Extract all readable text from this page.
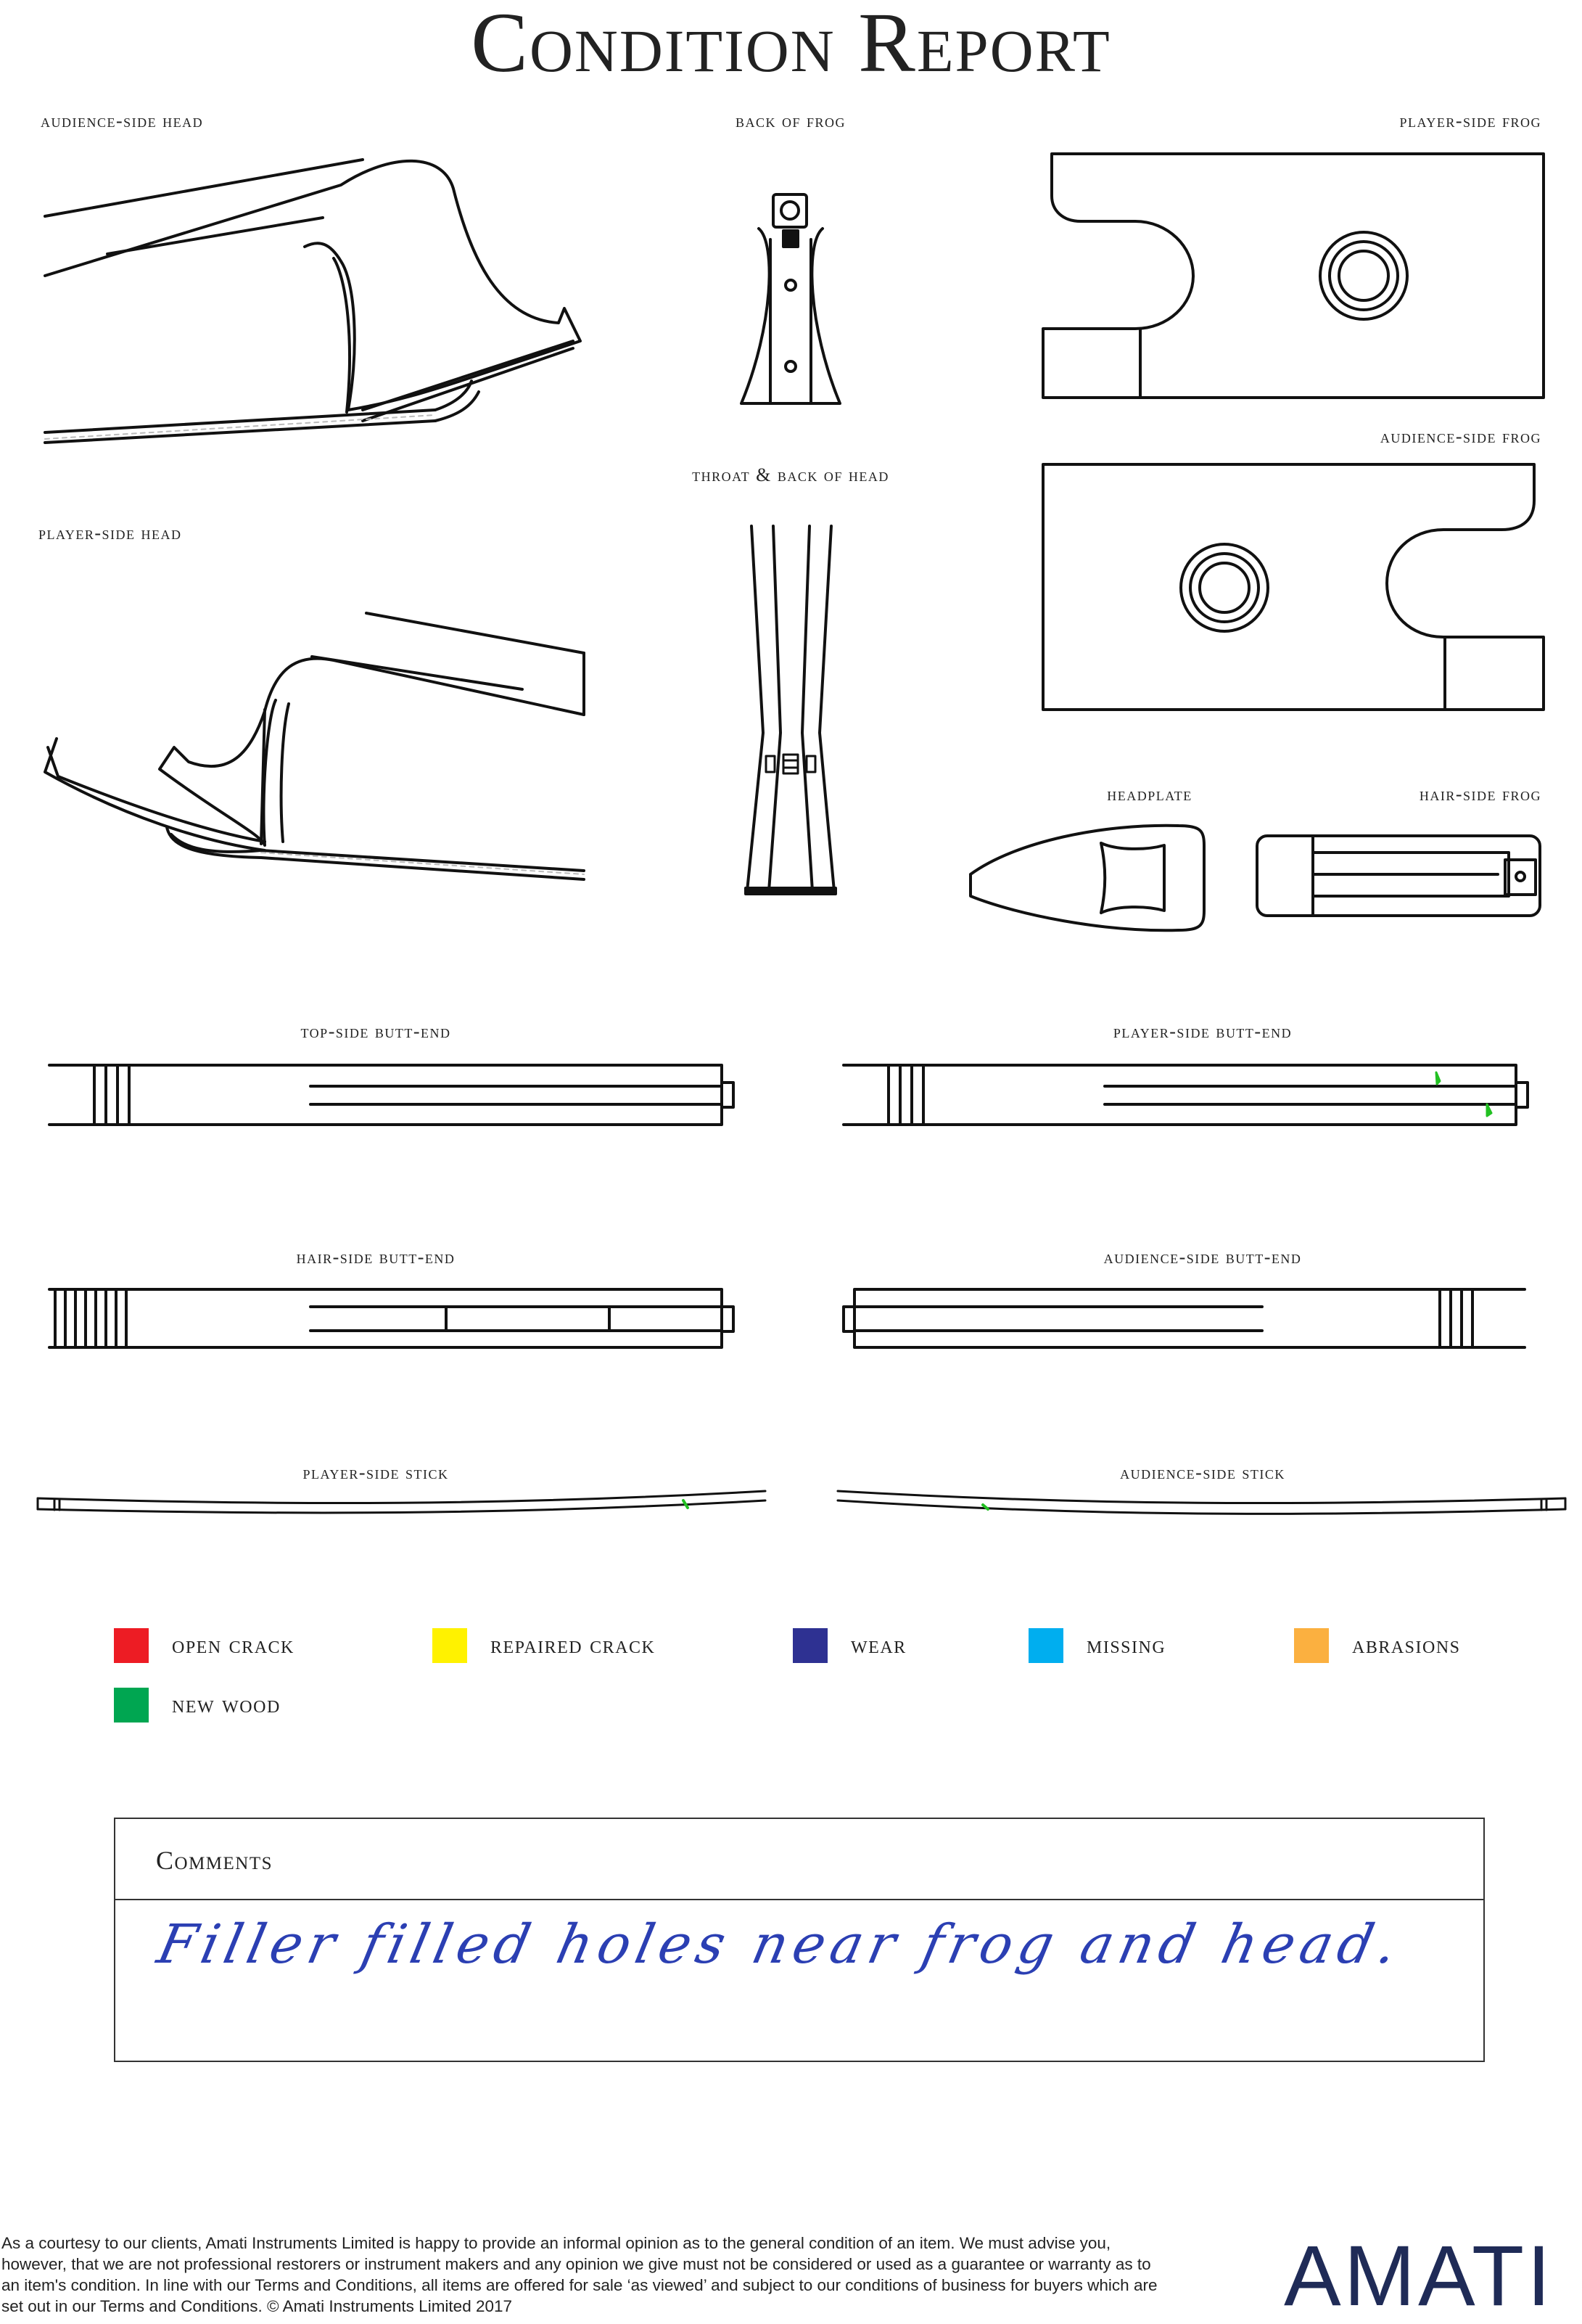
Condition Report
audience-side head	back of frog	player-side frog
audience-side frog
throat & back of head
player-side head
headplate	hair-side frog
top-side butt-end	player-side butt-end
hair-side butt-end	audience-side butt-end
player-side stick	audience-side stick
open crack	repaired crack	wear	missing	abrasions
new wood
Comments
Filler filled holes near frog and head.
As a courtesy to our clients, Amati Instruments Limited is happy to provide an informal opinion as to the general condition of an item. We must advise you, however, that we are not professional restorers or instrument makers and any opinion we give must not be considered or used as a guarantee or warranty as to an item's condition. In line with our Terms and Conditions, all items are offered for sale ‘as viewed’ and subject to our conditions of business for buyers which are set out in our Terms and Conditions. © Amati Instruments Limited 2017	AMATI
